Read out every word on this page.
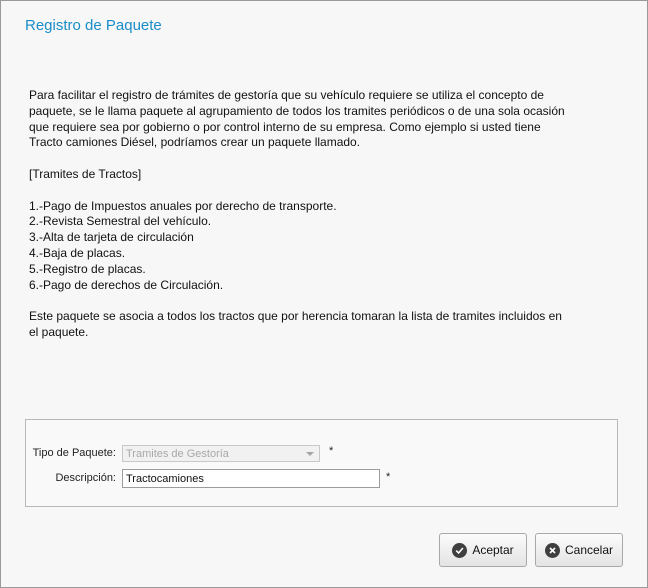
Registro de Paquete

Para facilitar el registro de trámites de gestoría que su vehículo requiere se utiliza el concepto de

paquete, se le llama paquete al agrupamiento de todos los tramites periódicos o de una sola ocasión

que requiere sea por gobierno o por control interno de su empresa. Como ejemplo si usted tiene

Tracto camiones Diésel, podríamos crear un paquete llamado.

[Tramites de Tractos]

1.-Pago de Impuestos anuales por derecho de transporte.

2.-Revista Semestral del vehículo.

3.-Alta de tarjeta de circulación

4.-Baja de placas.

5.-Registro de placas.

6.-Pago de derechos de Circulación.

Este paquete se asocia a todos los tractos que por herencia tomaran la lista de tramites incluidos en

el paquete.

Tipo de Paquete: Tramites de Gestoría	*
Descripción:
Tractocamiones	*
Aceptar	Cancelar
